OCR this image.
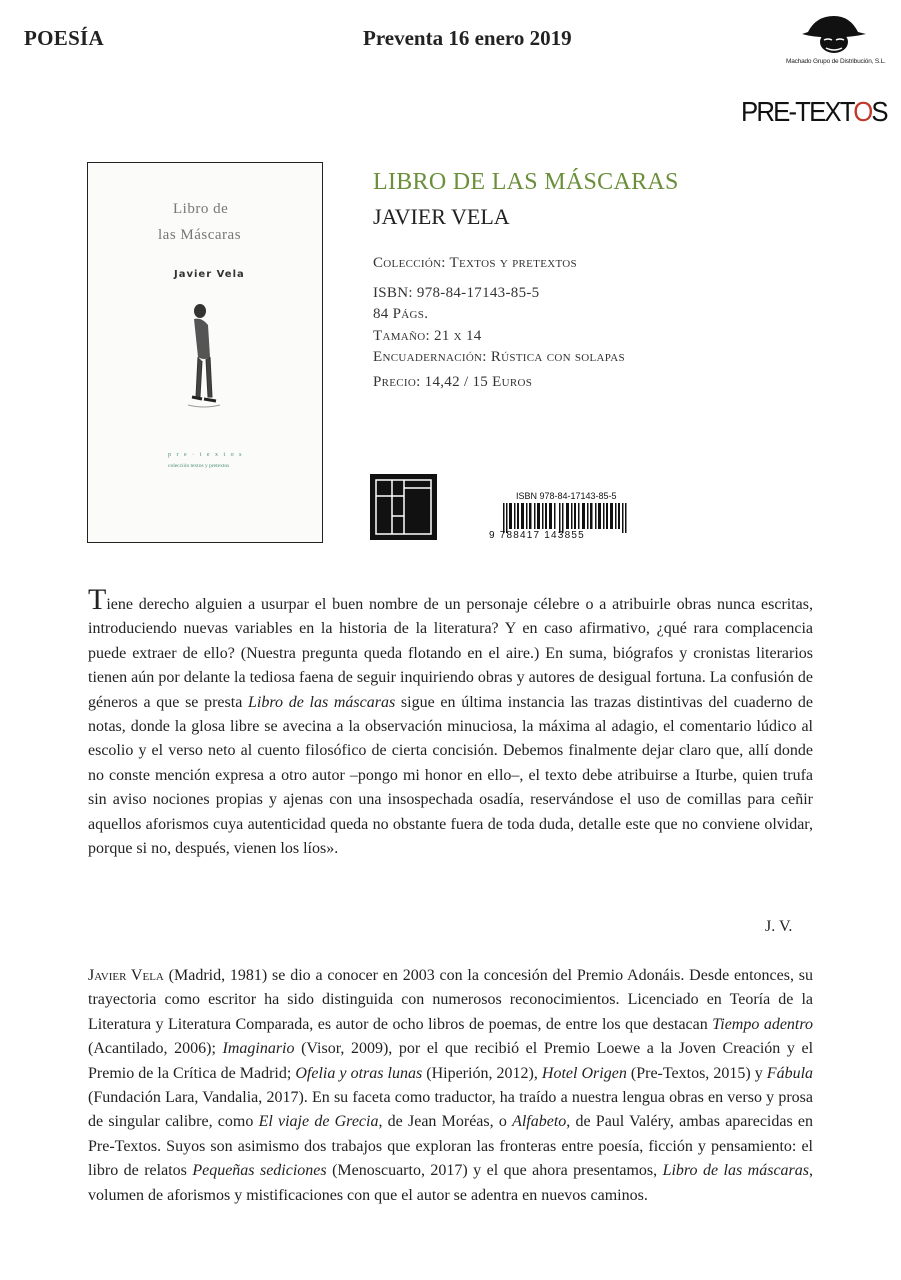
POESÍA	Preventa 16 enero 2019
Machado Grupo de Distribución, S.L.
PRE-TEXTOS
Libro de
las Máscaras
Javier Vela
p r e · t e x t o s
colección textos y pretextos
LIBRO DE LAS MÁSCARAS
JAVIER VELA
Colección: Textos y pretextos
ISBN: 978-84-17143-85-5
84 Págs.
Tamaño: 21 x 14
Encuadernación: Rústica con solapas
Precio: 14,42 / 15 Euros
ISBN 978-84-17143-85-5
9 788417 143855
Tiene derecho alguien a usurpar el buen nombre de un personaje célebre o a atribuirle obras nunca escritas, introduciendo nuevas variables en la historia de la literatura? Y en caso afirmativo, ¿qué rara complacencia puede extraer de ello? (Nuestra pregunta queda flotando en el aire.) En suma, biógrafos y cronistas literarios tienen aún por delante la tediosa faena de seguir inquiriendo obras y autores de desigual fortuna. La confusión de géneros a que se presta Libro de las máscaras sigue en última instancia las trazas distintivas del cuaderno de notas, donde la glosa libre se avecina a la observación minuciosa, la máxima al adagio, el comentario lúdico al escolio y el verso neto al cuento filosófico de cierta concisión. Debemos finalmente dejar claro que, allí donde no conste mención expresa a otro autor –pongo mi honor en ello–, el texto debe atribuirse a Iturbe, quien trufa sin aviso nociones propias y ajenas con una insospechada osadía, reservándose el uso de comillas para ceñir aquellos aforismos cuya autenticidad queda no obstante fuera de toda duda, detalle este que no conviene olvidar, porque si no, después, vienen los líos».
J. V.
Javier Vela (Madrid, 1981) se dio a conocer en 2003 con la concesión del Premio Adonáis. Desde entonces, su trayectoria como escritor ha sido distinguida con numerosos reconocimientos. Licenciado en Teoría de la Literatura y Literatura Comparada, es autor de ocho libros de poemas, de entre los que destacan Tiempo adentro (Acantilado, 2006); Imaginario (Visor, 2009), por el que recibió el Premio Loewe a la Joven Creación y el Premio de la Crítica de Madrid; Ofelia y otras lunas (Hiperión, 2012), Hotel Origen (Pre-Textos, 2015) y Fábula (Fundación Lara, Vandalia, 2017). En su faceta como traductor, ha traído a nuestra lengua obras en verso y prosa de singular calibre, como El viaje de Grecia, de Jean Moréas, o Alfabeto, de Paul Valéry, ambas aparecidas en Pre-Textos. Suyos son asimismo dos trabajos que exploran las fronteras entre poesía, ficción y pensamiento: el libro de relatos Pequeñas sediciones (Menoscuarto, 2017) y el que ahora presentamos, Libro de las máscaras, volumen de aforismos y mistificaciones con que el autor se adentra en nuevos caminos.
